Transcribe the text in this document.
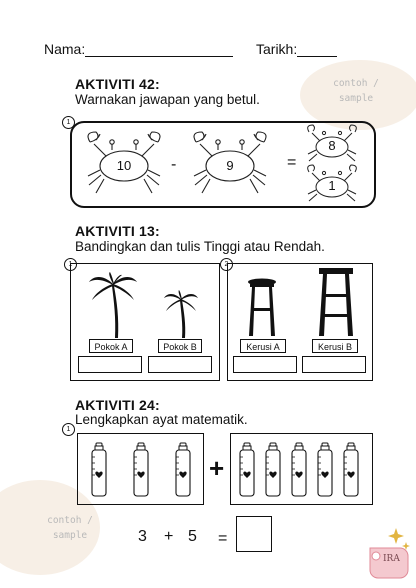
Nama:	Tarikh:
contoh /
sample
AKTIVITI 42:
Warnakan jawapan yang betul.
1
10	-	9	=
8
1
AKTIVITI 13:
Bandingkan dan tulis Tinggi atau Rendah.
1	2
Pokok A	Pokok B	Kerusi A	Kerusi B
AKTIVITI 24:
Lengkapkan ayat matematik.
1
+
3 + 5 =
contoh /
sample
IRA
